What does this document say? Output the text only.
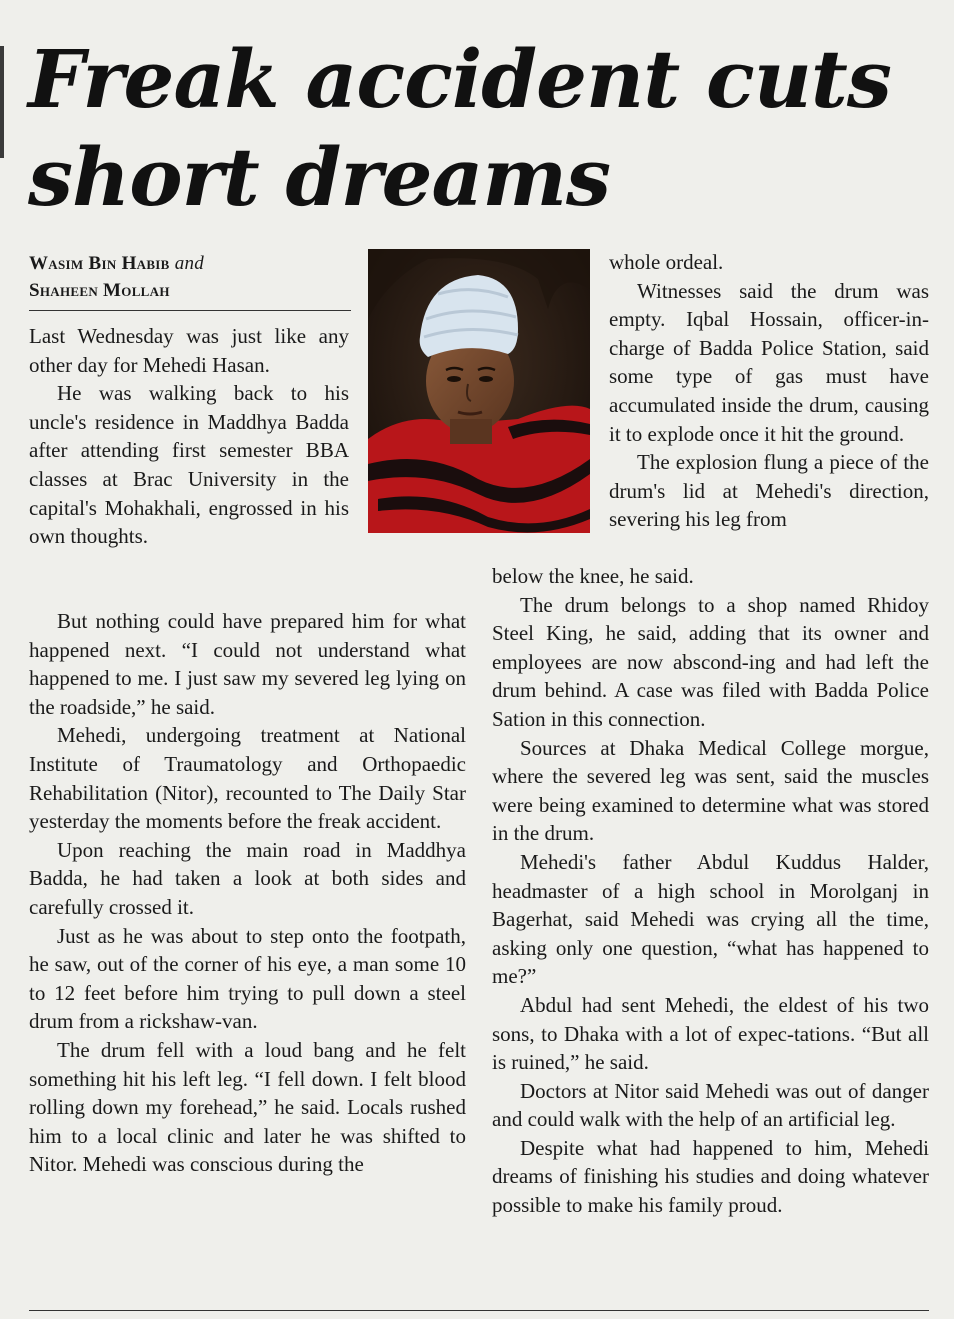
Freak accident cuts
short dreams
Wasim Bin Habib and
Shaheen Mollah

Last Wednesday was just like any other day for Mehedi Hasan.

He was walking back to his uncle's residence in Maddhya Badda after attending first semester BBA classes at Brac University in the capital's Mohakhali, engrossed in his own thoughts.

But nothing could have prepared him for what happened next. “I could not understand what happened to me. I just saw my severed leg lying on the roadside,” he said.

Mehedi, undergoing treatment at National Institute of Traumatology and Orthopaedic Rehabilitation (Nitor), recounted to The Daily Star yesterday the moments before the freak accident.

Upon reaching the main road in Maddhya Badda, he had taken a look at both sides and carefully crossed it.

Just as he was about to step onto the footpath, he saw, out of the corner of his eye, a man some 10 to 12 feet before him trying to pull down a steel drum from a rickshaw-van.

The drum fell with a loud bang and he felt something hit his left leg. “I fell down. I felt blood rolling down my forehead,” he said. Locals rushed him to a local clinic and later he was shifted to Nitor. Mehedi was conscious during the

whole ordeal.

Witnesses said the drum was empty. Iqbal Hossain, officer-in-charge of Badda Police Station, said some type of gas must have accumulated inside the drum, causing it to explode once it hit the ground.

The explosion flung a piece of the drum's lid at Mehedi's direction, severing his leg from

below the knee, he said.

The drum belongs to a shop named Rhidoy Steel King, he said, adding that its owner and employees are now abscond-ing and had left the drum behind. A case was filed with Badda Police Sation in this connection.

Sources at Dhaka Medical College morgue, where the severed leg was sent, said the muscles were being examined to determine what was stored in the drum.

Mehedi's father Abdul Kuddus Halder, headmaster of a high school in Morolganj in Bagerhat, said Mehedi was crying all the time, asking only one question, “what has happened to me?”

Abdul had sent Mehedi, the eldest of his two sons, to Dhaka with a lot of expec-tations. “But all is ruined,” he said.

Doctors at Nitor said Mehedi was out of danger and could walk with the help of an artificial leg.

Despite what had happened to him, Mehedi dreams of finishing his studies and doing whatever possible to make his family proud.
